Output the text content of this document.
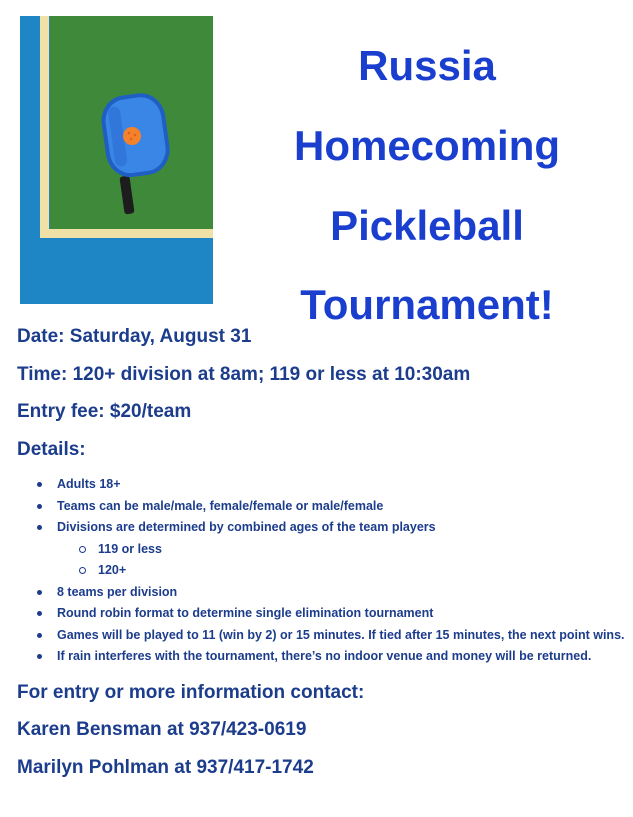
Russia
Homecoming
Pickleball
Tournament!
Date: Saturday, August 31
Time: 120+ division at 8am; 119 or less at 10:30am
Entry fee: $20/team
Details:
Adults 18+
Teams can be male/male, female/female or male/female
Divisions are determined by combined ages of the team players
119 or less
120+
8 teams per division
Round robin format to determine single elimination tournament
Games will be played to 11 (win by 2) or 15 minutes. If tied after 15 minutes, the next point wins.
If rain interferes with the tournament, there’s no indoor venue and money will be returned.
For entry or more information contact:
Karen Bensman at 937/423-0619
Marilyn Pohlman at 937/417-1742
